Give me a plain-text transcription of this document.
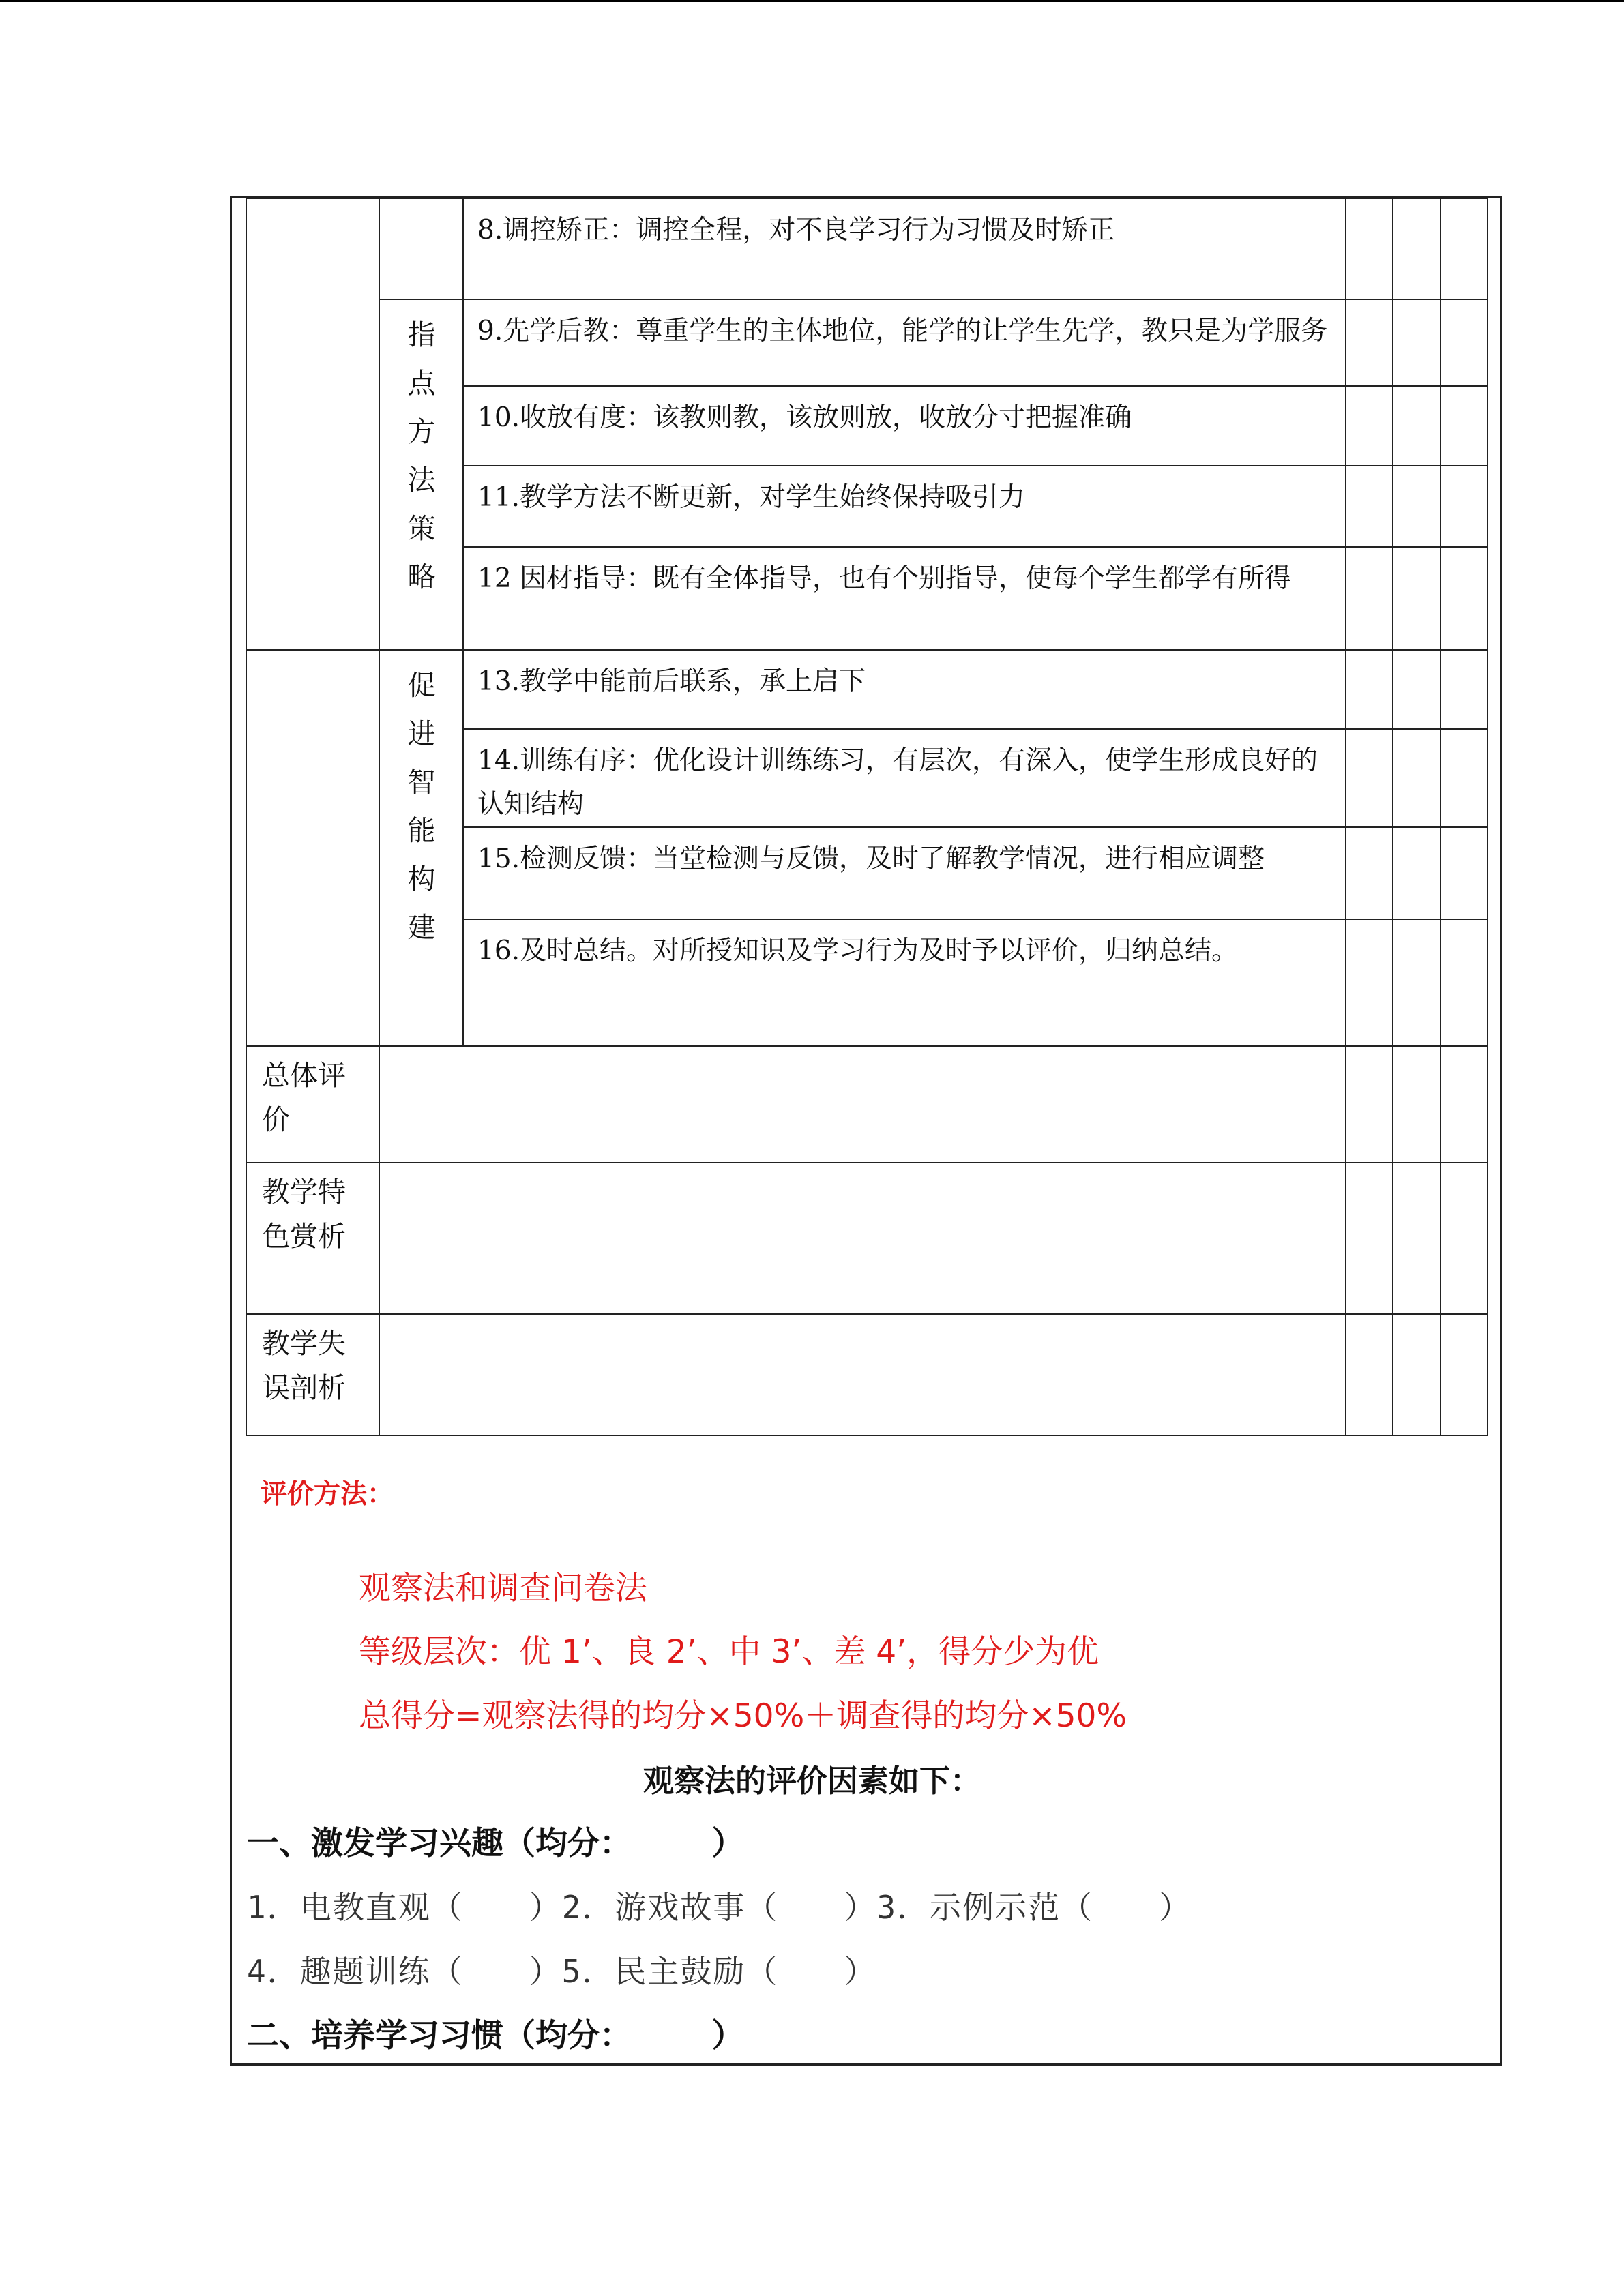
		8.调控矫正：调控全程，对不良学习行为习惯及时矫正			

	指点方法策略	9.先学后教：尊重学生的主体地位，能学的让学生先学，教只是为学服务			
		10.收放有度：该教则教，该放则放，收放分寸把握准确			
		11.教学方法不断更新，对学生始终保持吸引力			
		12 因材指导：既有全体指导，也有个别指导，使每个学生都学有所得			

	促进智能构建	13.教学中能前后联系，承上启下			
		14.训练有序：优化设计训练练习，有层次，有深入，使学生形成良好的认知结构			
		15.检测反馈：当堂检测与反馈，及时了解教学情况，进行相应调整			
		16.及时总结。对所授知识及学习行为及时予以评价，归纳总结。			

总体评价					

教学特色赏析					

教学失误剖析					

评价方法：
观察法和调查问卷法
等级层次：优 1’、良 2’、中 3’、差 4’，得分少为优
总得分=观察法得的均分×50%＋调查得的均分×50%
观察法的评价因素如下：
一、激发学习兴趣（均分：　　　）
1．电教直观（　　）2．游戏故事（　　）3．示例示范（　　）
4．趣题训练（　　）5．民主鼓励（　　）
二、培养学习习惯（均分：　　　）
